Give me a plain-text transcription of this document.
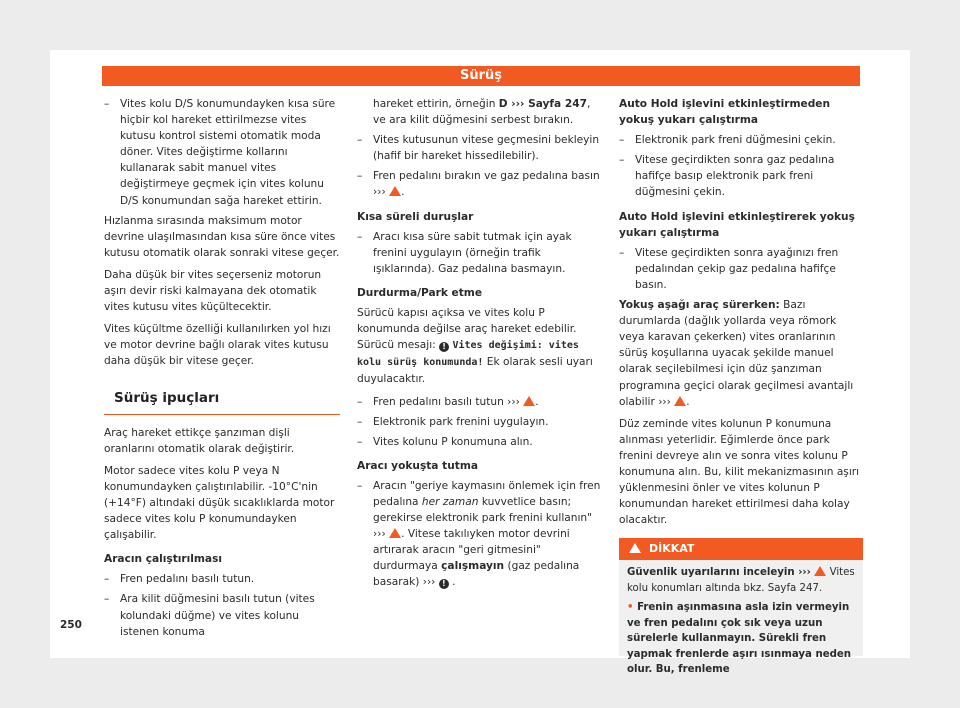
Sürüş
– Vites kolu D/S konumundayken kısa süre hiçbir kol hareket ettirilmezse vites kutusu kontrol sistemi otomatik moda döner. Vites değiştirme kollarını kullanarak sabit manuel vites değiştirmeye geçmek için vites kolunu D/S konumundan sağa hareket ettirin.

Hızlanma sırasında maksimum motor devrine ulaşılmasından kısa süre önce vites kutusu otomatik olarak sonraki vitese geçer.

Daha düşük bir vites seçerseniz motorun aşırı devir riski kalmayana dek otomatik vites kutusu vites küçültecektir.

Vites küçültme özelliği kullanılırken yol hızı ve motor devrine bağlı olarak vites kutusu daha düşük bir vitese geçer.

Sürüş ipuçları

Araç hareket ettikçe şanzıman dişli oranlarını otomatik olarak değiştirir.

Motor sadece vites kolu P veya N konumundayken çalıştırılabilir. -10°C'nin (+14°F) altındaki düşük sıcaklıklarda motor sadece vites kolu P konumundayken çalışabilir.

Aracın çalıştırılması
– Fren pedalını basılı tutun.
– Ara kilit düğmesini basılı tutun (vites kolundaki düğme) ve vites kolunu istenen konuma
hareket ettirin, örneğin D ››› Sayfa 247, ve ara kilit düğmesini serbest bırakın.
– Vites kutusunun vitese geçmesini bekleyin (hafif bir hareket hissedilebilir).
– Fren pedalını bırakın ve gaz pedalına basın ››› .
Kısa süreli duruşlar
– Aracı kısa süre sabit tutmak için ayak frenini uygulayın (örneğin trafik ışıklarında). Gaz pedalına basmayın.
Durdurma/Park etme

Sürücü kapısı açıksa ve vites kolu P konumunda değilse araç hareket edebilir. Sürücü mesajı: ! Vites değişimi: vites kolu sürüş konumunda! Ek olarak sesli uyarı duyulacaktır.

– Fren pedalını basılı tutun ››› .
– Elektronik park frenini uygulayın.
– Vites kolunu P konumuna alın.
Aracı yokuşta tutma
– Aracın "geriye kaymasını önlemek için fren pedalına her zaman kuvvetlice basın; gerekirse elektronik park frenini kullanın" ››› . Vitese takılıyken motor devrini artırarak aracın "geri gitmesini" durdurmaya çalışmayın (gaz pedalına basarak) ››› ! .
Auto Hold işlevini etkinleştirmeden yokuş yukarı çalıştırma
– Elektronik park freni düğmesini çekin.
– Vitese geçirdikten sonra gaz pedalına hafifçe basıp elektronik park freni düğmesini çekin.
Auto Hold işlevini etkinleştirerek yokuş yukarı çalıştırma
– Vitese geçirdikten sonra ayağınızı fren pedalından çekip gaz pedalına hafifçe basın.

Yokuş aşağı araç sürerken: Bazı durumlarda (dağlık yollarda veya römork veya karavan çekerken) vites oranlarının sürüş koşullarına uyacak şekilde manuel olarak seçilebilmesi için düz şanzıman programına geçici olarak geçilmesi avantajlı olabilir ››› .

Düz zeminde vites kolunun P konumuna alınması yeterlidir. Eğimlerde önce park frenini devreye alın ve sonra vites kolunu P konumuna alın. Bu, kilit mekanizmasının aşırı yüklenmesini önler ve vites kolunun P konumundan hareket ettirilmesi daha kolay olacaktır.

DİKKAT
Güvenlik uyarılarını inceleyin ›››  Vites kolu konumları altında bkz. Sayfa 247.
• Frenin aşınmasına asla izin vermeyin ve fren pedalını çok sık veya uzun sürelerle kullanmayın. Sürekli fren yapmak frenlerde aşırı ısınmaya neden olur. Bu, frenleme
250
